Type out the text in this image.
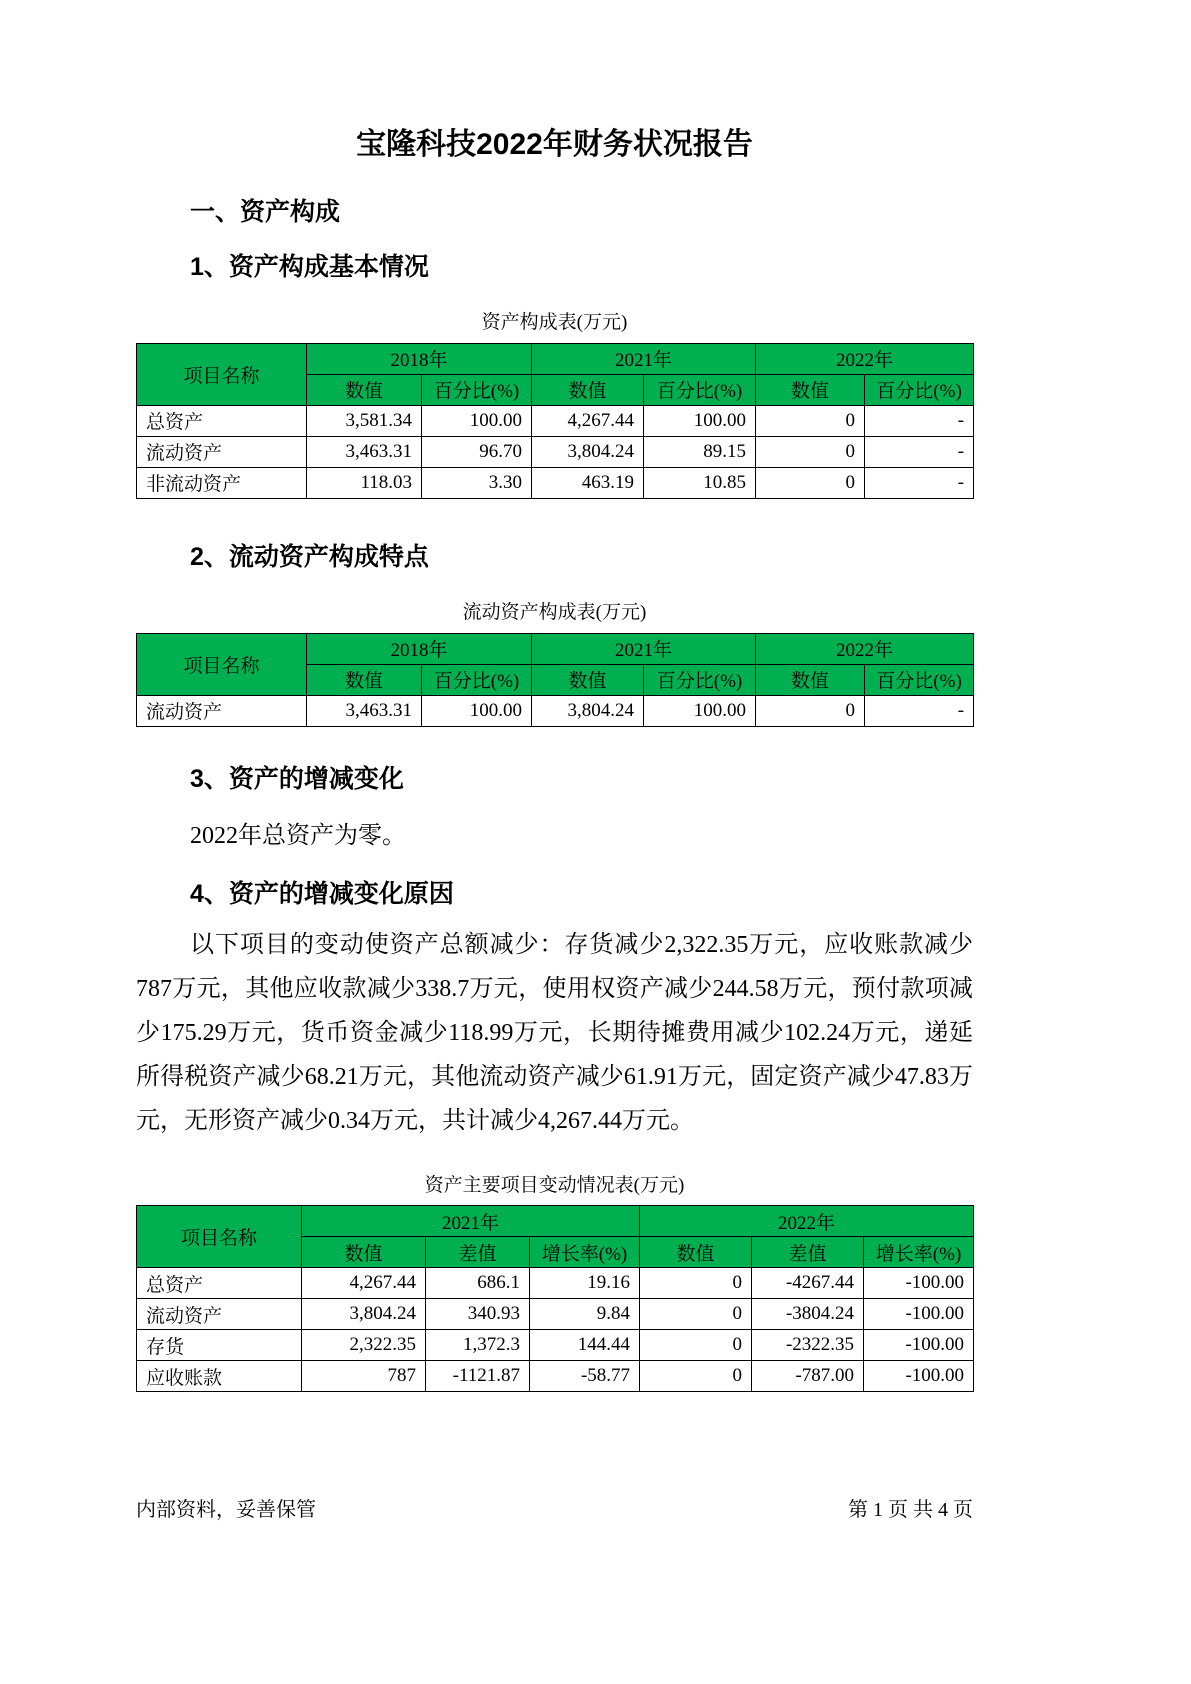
宝隆科技2022年财务状况报告
一、资产构成
1、资产构成基本情况
资产构成表(万元)
项目名称	2018年		2021年		2022年	
	数值	百分比(%)	数值	百分比(%)	数值	百分比(%)
总资产	3,581.34	100.00	4,267.44	100.00	0	-
流动资产	3,463.31	96.70	3,804.24	89.15	0	-
非流动资产	118.03	3.30	463.19	10.85	0	-
2、流动资产构成特点
流动资产构成表(万元)
项目名称	2018年		2021年		2022年	
	数值	百分比(%)	数值	百分比(%)	数值	百分比(%)
流动资产	3,463.31	100.00	3,804.24	100.00	0	-
3、资产的增减变化

2022年总资产为零。

4、资产的增减变化原因

以下项目的变动使资产总额减少：存货减少2,322.35万元，应收账款减少787万元，其他应收款减少338.7万元，使用权资产减少244.58万元，预付款项减少175.29万元，货币资金减少118.99万元，长期待摊费用减少102.24万元，递延所得税资产减少68.21万元，其他流动资产减少61.91万元，固定资产减少47.83万元，无形资产减少0.34万元，共计减少4,267.44万元。

资产主要项目变动情况表(万元)
项目名称	2021年			2022年		
	数值	差值	增长率(%)	数值	差值	增长率(%)
总资产	4,267.44	686.1	19.16	0	-4267.44	-100.00
流动资产	3,804.24	340.93	9.84	0	-3804.24	-100.00
存货	2,322.35	1,372.3	144.44	0	-2322.35	-100.00
应收账款	787	-1121.87	-58.77	0	-787.00	-100.00
内部资料，妥善保管	第 1 页 共 4 页
